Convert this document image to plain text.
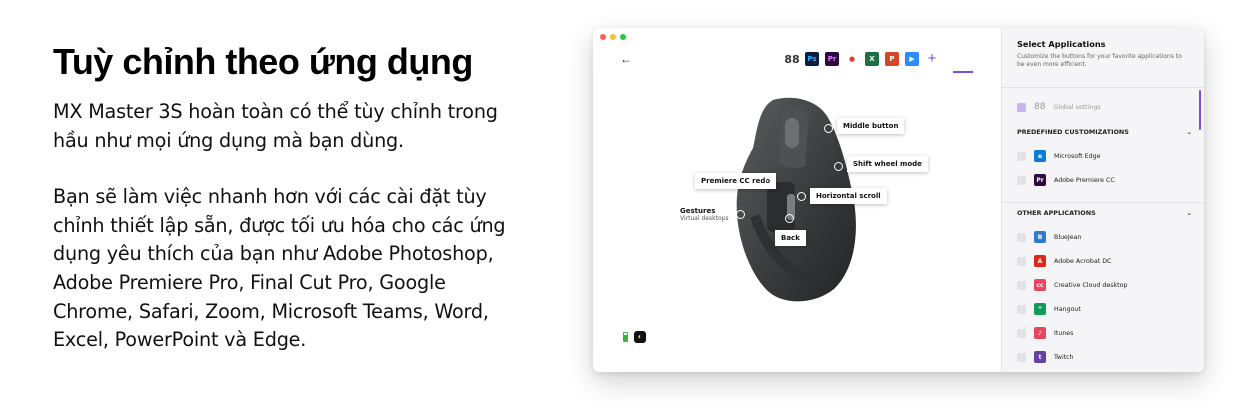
Tuỳ chỉnh theo ứng dụng

MX Master 3S hoàn toàn có thể tùy chỉnh trong hầu như mọi ứng dụng mà bạn dùng.

Bạn sẽ làm việc nhanh hơn với các cài đặt tùy chỉnh thiết lập sẵn, được tối ưu hóa cho các ứng dụng yêu thích của bạn như Adobe Photoshop, Adobe Premiere Pro, Final Cut Pro, Google Chrome, Safari, Zoom, Microsoft Teams, Word, Excel, PowerPoint và Edge.

←	88	Ps	Pr	●	X	P	▶ +
Middle button
Shift wheel mode
Premiere CC redo
Horizontal scroll
Gestures
Virtual desktops
Back
◐
Select Applications
Customize the buttons for your favorite applications to be even more efficient.
88 Global settings
PREDEFINED CUSTOMIZATIONS	⌄
e	Microsoft Edge
Pr	Adobe Premiere CC
OTHER APPLICATIONS	⌄
B	BlueJean
A	Adobe Acrobat DC
cc	Creative Cloud desktop
”	Hangout
♪	Itunes
t	Twitch
